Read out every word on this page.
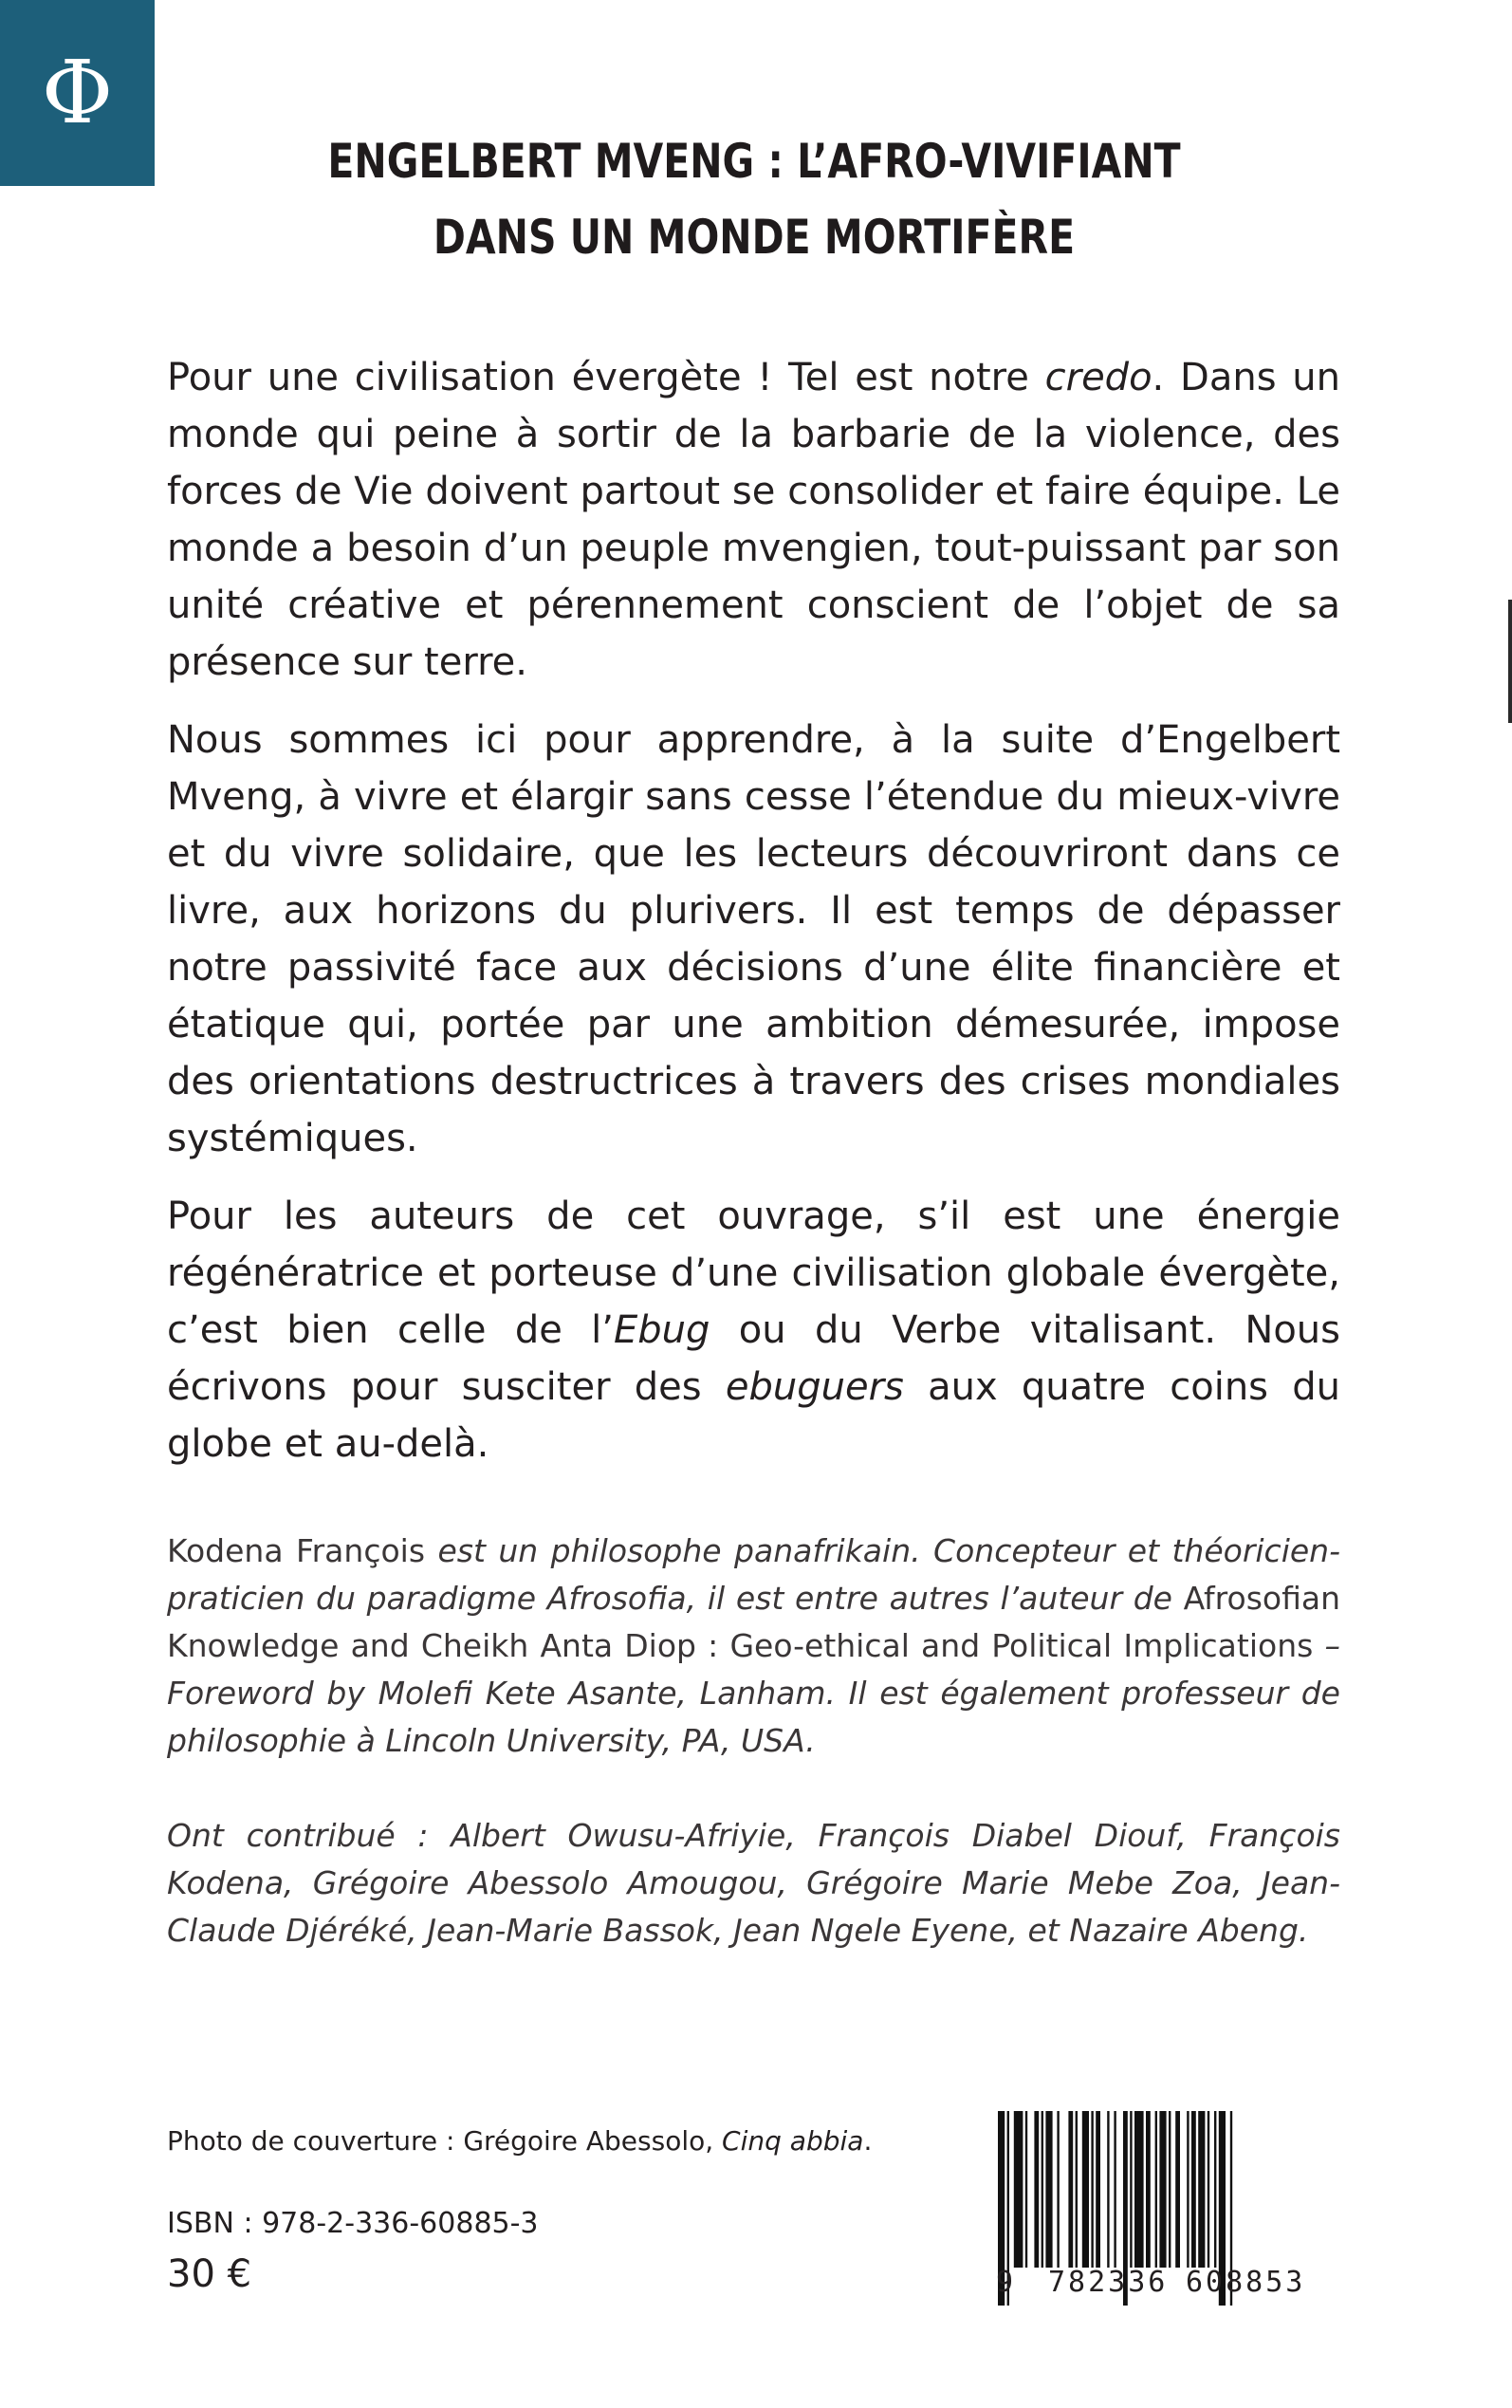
Φ
ENGELBERT MVENG : L’AFRO-VIVIFIANT
DANS UN MONDE MORTIFÈRE

Pour une civilisation évergète ! Tel est notre credo. Dans un monde qui peine à sortir de la barbarie de la violence, des forces de Vie doivent partout se consolider et faire équipe. Le monde a besoin d’un peuple mvengien, tout-puissant par son unité créative et pérennement conscient de l’objet de sa présence sur terre.

Nous sommes ici pour apprendre, à la suite d’Engelbert Mveng, à vivre et élargir sans cesse l’étendue du mieux-vivre et du vivre solidaire, que les lecteurs découvriront dans ce livre, aux horizons du plurivers. Il est temps de dépasser notre passivité face aux décisions d’une élite financière et étatique qui, portée par une ambition démesurée, impose des orientations destructrices à travers des crises mondiales systémiques.

Pour les auteurs de cet ouvrage, s’il est une énergie régénératrice et porteuse d’une civilisation globale évergète, c’est bien celle de l’Ebug ou du Verbe vitalisant. Nous écrivons pour susciter des ebuguers aux quatre coins du globe et au-delà.

Kodena François est un philosophe panafrikain. Concepteur et théoricien-praticien du paradigme Afrosofia, il est entre autres l’auteur de Afrosofian Knowledge and Cheikh Anta Diop : Geo-ethical and Political Implications – Foreword by Molefi Kete Asante, Lanham. Il est également professeur de philosophie à Lincoln University, PA, USA.
Ont contribué : Albert Owusu-Afriyie, François Diabel Diouf, François Kodena, Grégoire Abessolo Amougou, Grégoire Marie Mebe Zoa, Jean-Claude Djéréké, Jean-Marie Bassok, Jean Ngele Eyene, et Nazaire Abeng.
Photo de couverture : Grégoire Abessolo, Cinq abbia.
ISBN : 978-2-336-60885-3
30 €	9 782336 608853
